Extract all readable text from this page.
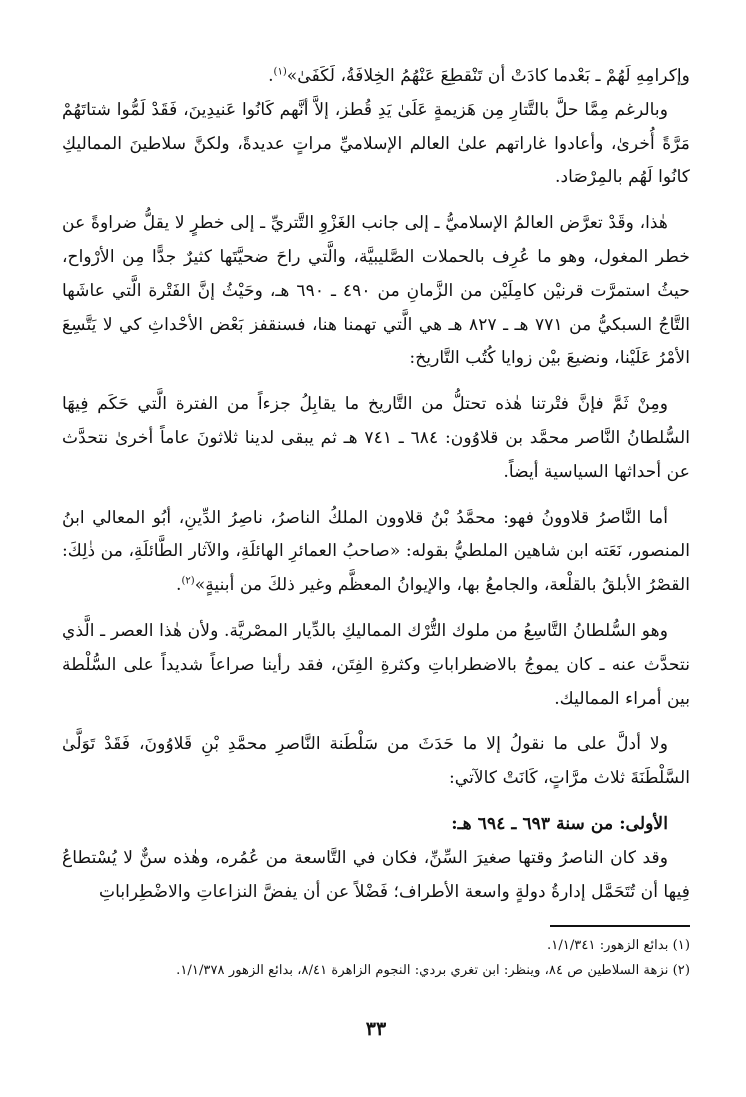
وإكرامِهِ لَهُمْ ـ بَعْدما كادَتْ أن تَنْقطِعَ عَنْهُمُ الخِلافَةُ، لَكَفَىٰ»$^{(١)}$.

وبالرغم مِمَّا حلَّ بالتَّتارِ مِن هَزيمةٍ عَلَىٰ يَدِ قُطز، إلاَّ أنَّهم كَانُوا عَنيدِينَ، فَقَدْ لَمُّوا شتاتَهُمْ مَرَّةً أُخرىٰ، وأعادوا غاراتهم علىٰ العالم الإسلاميِّ مراتٍ عديدةً، ولكنَّ سلاطينَ المماليكِ كانُوا لَهُم بالمِرْصَاد.

هٰذا، وقَدْ تعرَّض العالمُ الإسلاميُّ ـ إلى جانب الغَزْوِ التَّتريِّ ـ إلى خطرٍ لا يقلُّ ضراوةً عن خطر المغول، وهو ما عُرِف بالحملات الصَّليبيَّة، والَّتي راحَ ضحيَّتَها كثيرٌ جدًّا مِن الأرْواح، حيثُ استمرَّت قرنيْن كامِلَيْن من الزَّمانِ من ٤٩٠ ـ ٦٩٠ هـ، وحَيْثُ إنَّ الفَتْرة الَّتي عاشَها التَّاجُ السبكيُّ من ٧٧١ هـ ـ ٨٢٧ هـ هي الَّتي تهمنا هنا، فسنقفز بَعْض الأحْداثِ كي لا يَتَّسِعَ الأمْرُ عَلَيْنا، ونضيعَ بيْن زوايا كُتُب التَّاريخ:

ومِنْ ثَمَّ فإنَّ فتْرتنا هٰذه تحتلُّ من التَّاريخ ما يقابِلُ جزءاً من الفترة الَّتي حَكَم فِيهَا السُّلطانُ النَّاصر محمَّد بن قلاوُون: ٦٨٤ ـ ٧٤١ هـ ثم يبقى لدينا ثلاثونَ عاماً أخرىٰ نتحدَّث عن أحداثها السياسية أيضاً.

أما النَّاصرُ قلاوونُ فهو: محمَّدُ بْنُ قلاوون الملكُ الناصرُ، ناصِرُ الدِّينِ، أبُو المعالي ابنُ المنصور، نَعَته ابن شاهين الملطيُّ بقوله: «صاحبُ العمائرِ الهائلَةِ، والآثار الطَّائلَةِ، من ذٰلِكَ: القصْرُ الأبلقُ بالقلْعة، والجامعُ بها، والإيوانُ المعظَّم وغير ذلكَ من أبنيةٍ»$^{(٢)}$.

وهو السُّلطانُ التَّاسِعُ من ملوك التُّرْك المماليكِ بالدِّيار المصْريَّة. ولأن هٰذا العصر ـ الَّذي نتحدَّث عنه ـ كان يموجُ بالاضطراباتِ وكثرةِ الفِتَن، فقد رأينا صراعاً شديداً على السُّلْطة بين أمراء المماليك.

ولا أدلَّ على ما نقولُ إلا ما حَدَثَ من سَلْطَنة النَّاصرِ محمَّدِ بْنِ قَلاوُونَ، فَقَدْ تَوَلَّىٰ السَّلْطَنَةَ ثلاث مرَّاتٍ، كَانَتْ كالآتي:

الأولى: من سنة ٦٩٣ ـ ٦٩٤ هـ:

وقد كان الناصرُ وقتها صغيرَ السِّنِّ، فكان في التَّاسعة من عُمُره، وهٰذه سنٌّ لا يُسْتطاعُ فِيها أن تُتَحَمَّل إدارةُ دولةٍ واسعة الأطراف؛ فَضْلاً عن أن يفضَّ النزاعاتِ والاضْطِراباتِ

(١) بدائع الزهور: ١/١/٣٤١.

(٢) نزهة السلاطين ص ٨٤، وينظر: ابن تغري بردي: النجوم الزاهرة ٨/٤١، بدائع الزهور ١/١/٣٧٨.

٣٣
